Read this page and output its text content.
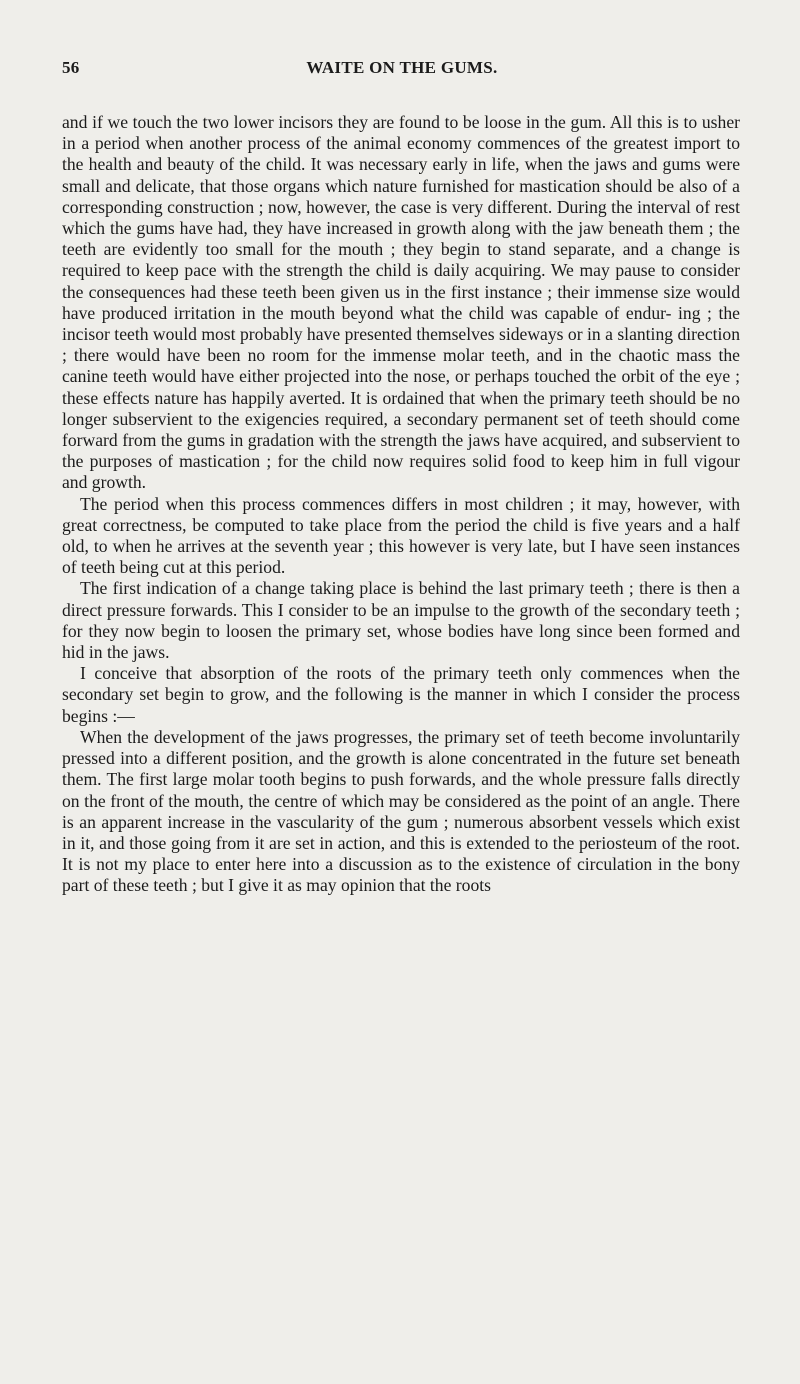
56	WAITE ON THE GUMS.

and if we touch the two lower incisors they are found to be loose in the gum. All this is to usher in a period when another process of the animal economy commences of the greatest import to the health and beauty of the child. It was necessary early in life, when the jaws and gums were small and delicate, that those organs which nature furnished for mastication should be also of a corresponding construction ; now, however, the case is very different. During the interval of rest which the gums have had, they have increased in growth along with the jaw beneath them ; the teeth are evidently too small for the mouth ; they begin to stand separate, and a change is required to keep pace with the strength the child is daily acquiring. We may pause to consider the consequences had these teeth been given us in the first instance ; their immense size would have produced irritation in the mouth beyond what the child was capable of endur- ing ; the incisor teeth would most probably have presented themselves sideways or in a slanting direction ; there would have been no room for the immense molar teeth, and in the chaotic mass the canine teeth would have either projected into the nose, or perhaps touched the orbit of the eye ; these effects nature has happily averted. It is ordained that when the primary teeth should be no longer subservient to the exigencies required, a secondary permanent set of teeth should come forward from the gums in gradation with the strength the jaws have acquired, and subservient to the purposes of mastication ; for the child now requires solid food to keep him in full vigour and growth.

The period when this process commences differs in most children ; it may, however, with great correctness, be computed to take place from the period the child is five years and a half old, to when he arrives at the seventh year ; this however is very late, but I have seen instances of teeth being cut at this period.

The first indication of a change taking place is behind the last primary teeth ; there is then a direct pressure forwards. This I consider to be an impulse to the growth of the secondary teeth ; for they now begin to loosen the primary set, whose bodies have long since been formed and hid in the jaws.

I conceive that absorption of the roots of the primary teeth only commences when the secondary set begin to grow, and the following is the manner in which I consider the process begins :—

When the development of the jaws progresses, the primary set of teeth become involuntarily pressed into a different position, and the growth is alone concentrated in the future set beneath them. The first large molar tooth begins to push forwards, and the whole pressure falls directly on the front of the mouth, the centre of which may be considered as the point of an angle. There is an apparent increase in the vascularity of the gum ; numerous absorbent vessels which exist in it, and those going from it are set in action, and this is extended to the periosteum of the root. It is not my place to enter here into a discussion as to the existence of circulation in the bony part of these teeth ; but I give it as may opinion that the roots
